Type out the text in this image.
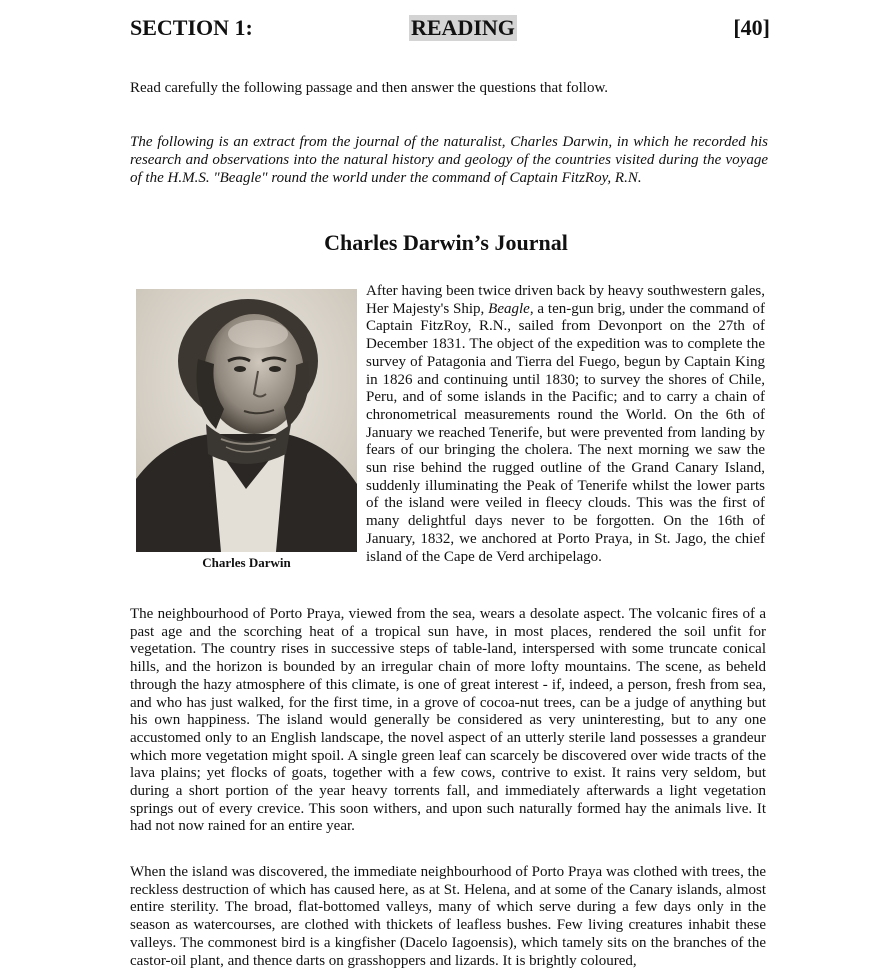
SECTION 1:	READING	[40]
Read carefully the following passage and then answer the questions that follow.
The following is an extract from the journal of the naturalist, Charles Darwin, in which he recorded his research and observations into the natural history and geology of the countries visited during the voyage of the H.M.S. "Beagle" round the world under the command of Captain FitzRoy, R.N.
Charles Darwin’s Journal
Charles Darwin
After having been twice driven back by heavy southwestern gales, Her Majesty's Ship, Beagle, a ten-gun brig, under the command of Captain FitzRoy, R.N., sailed from Devonport on the 27th of December 1831. The object of the expedition was to complete the survey of Patagonia and Tierra del Fuego, begun by Captain King in 1826 and continuing until 1830; to survey the shores of Chile, Peru, and of some islands in the Pacific; and to carry a chain of chronometrical measurements round the World. On the 6th of January we reached Tenerife, but were prevented from landing by fears of our bringing the cholera. The next morning we saw the sun rise behind the rugged outline of the Grand Canary Island, suddenly illuminating the Peak of Tenerife whilst the lower parts of the island were veiled in fleecy clouds. This was the first of many delightful days never to be forgotten. On the 16th of January, 1832, we anchored at Porto Praya, in St. Jago, the chief island of the Cape de Verd archipelago.
The neighbourhood of Porto Praya, viewed from the sea, wears a desolate aspect. The volcanic fires of a past age and the scorching heat of a tropical sun have, in most places, rendered the soil unfit for vegetation. The country rises in successive steps of table-land, interspersed with some truncate conical hills, and the horizon is bounded by an irregular chain of more lofty mountains. The scene, as beheld through the hazy atmosphere of this climate, is one of great interest - if, indeed, a person, fresh from sea, and who has just walked, for the first time, in a grove of cocoa-nut trees, can be a judge of anything but his own happiness. The island would generally be considered as very uninteresting, but to any one accustomed only to an English landscape, the novel aspect of an utterly sterile land possesses a grandeur which more vegetation might spoil. A single green leaf can scarcely be discovered over wide tracts of the lava plains; yet flocks of goats, together with a few cows, contrive to exist. It rains very seldom, but during a short portion of the year heavy torrents fall, and immediately afterwards a light vegetation springs out of every crevice. This soon withers, and upon such naturally formed hay the animals live. It had not now rained for an entire year.
When the island was discovered, the immediate neighbourhood of Porto Praya was clothed with trees, the reckless destruction of which has caused here, as at St. Helena, and at some of the Canary islands, almost entire sterility. The broad, flat-bottomed valleys, many of which serve during a few days only in the season as watercourses, are clothed with thickets of leafless bushes. Few living creatures inhabit these valleys. The commonest bird is a kingfisher (Dacelo Iagoensis), which tamely sits on the branches of the castor-oil plant, and thence darts on grasshoppers and lizards. It is brightly coloured,
